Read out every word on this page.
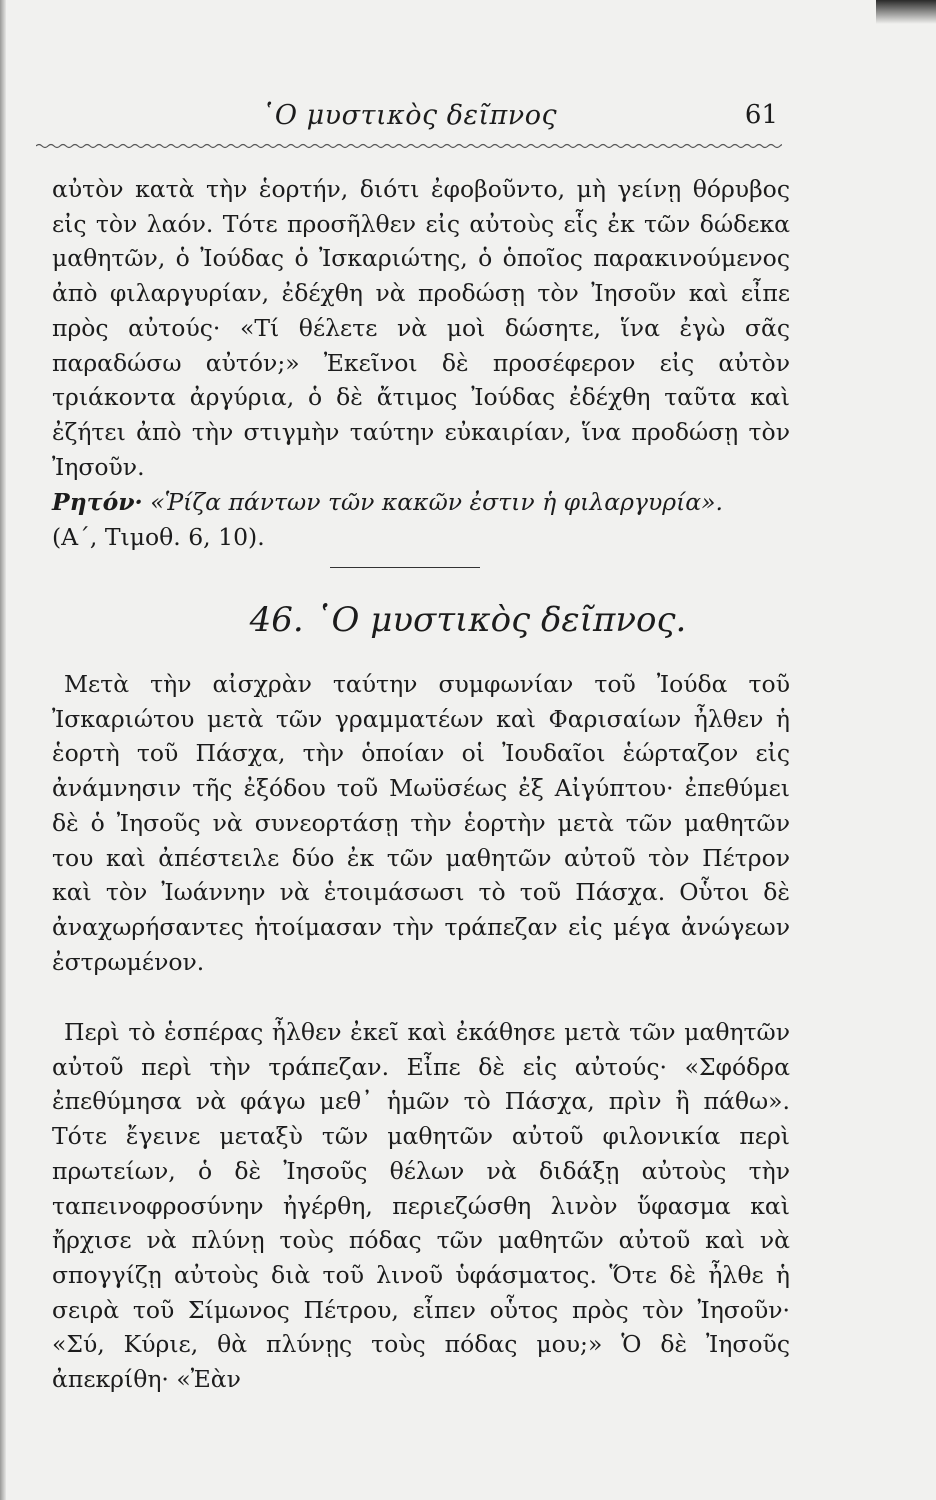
῾Ο μυστικὸς δεῖπνος	61

αὐτὸν κατὰ τὴν ἑορτήν, διότι ἐφοβοῦντο, μὴ γείνῃ θόρυβος εἰς τὸν λαόν. Τότε προσῆλθεν εἰς αὐτοὺς εἷς ἐκ τῶν δώδεκα μαθητῶν, ὁ Ἰούδας ὁ Ἰσκαριώτης, ὁ ὁποῖος παρακινούμενος ἀπὸ φιλαργυρίαν, ἐδέχθη νὰ προδώσῃ τὸν Ἰησοῦν καὶ εἶπε πρὸς αὐτούς· «Τί θέλετε νὰ μοὶ δώσητε, ἵνα ἐγὼ σᾶς παραδώσω αὐτόν;» Ἐκεῖνοι δὲ προσέφερον εἰς αὐτὸν τριάκοντα ἀργύρια, ὁ δὲ ἄτιμος Ἰούδας ἐδέχθη ταῦτα καὶ ἐζήτει ἀπὸ τὴν στιγμὴν ταύτην εὐκαιρίαν, ἵνα προδώσῃ τὸν Ἰησοῦν.

Ρητόν· «Ῥίζα πάντων τῶν κακῶν ἐστιν ἡ φιλαργυρία».
(Α΄, Τιμοθ. 6, 10).
46. ῾Ο μυστικὸς δεῖπνος.

Μετὰ τὴν αἰσχρὰν ταύτην συμφωνίαν τοῦ Ἰούδα τοῦ Ἰσκαριώτου μετὰ τῶν γραμματέων καὶ Φαρισαίων ἦλθεν ἡ ἑορτὴ τοῦ Πάσχα, τὴν ὁποίαν οἱ Ἰουδαῖοι ἑώρταζον εἰς ἀνάμνησιν τῆς ἐξόδου τοῦ Μωϋσέως ἐξ Αἰγύπτου· ἐπεθύμει δὲ ὁ Ἰησοῦς νὰ συνεορτάσῃ τὴν ἑορτὴν μετὰ τῶν μαθητῶν του καὶ ἀπέστειλε δύο ἐκ τῶν μαθητῶν αὐτοῦ τὸν Πέτρον καὶ τὸν Ἰωάννην νὰ ἑτοιμάσωσι τὸ τοῦ Πάσχα. Οὗτοι δὲ ἀναχωρήσαντες ἡτοίμασαν τὴν τράπεζαν εἰς μέγα ἀνώγεων ἐστρωμένον.

Περὶ τὸ ἑσπέρας ἦλθεν ἐκεῖ καὶ ἐκάθησε μετὰ τῶν μαθητῶν αὐτοῦ περὶ τὴν τράπεζαν. Εἶπε δὲ εἰς αὐτούς· «Σφόδρα ἐπεθύμησα νὰ φάγω μεθ᾿ ἡμῶν τὸ Πάσχα, πρὶν ἢ πάθω». Τότε ἔγεινε μεταξὺ τῶν μαθητῶν αὐτοῦ φιλονικία περὶ πρωτείων, ὁ δὲ Ἰησοῦς θέλων νὰ διδάξῃ αὐτοὺς τὴν ταπεινοφροσύνην ἠγέρθη, περιεζώσθη λινὸν ὕφασμα καὶ ἤρχισε νὰ πλύνῃ τοὺς πόδας τῶν μαθητῶν αὐτοῦ καὶ νὰ σπογγίζῃ αὐτοὺς διὰ τοῦ λινοῦ ὑφάσματος. Ὅτε δὲ ἦλθε ἡ σειρὰ τοῦ Σίμωνος Πέτρου, εἶπεν οὗτος πρὸς τὸν Ἰησοῦν· «Σύ, Κύριε, θὰ πλύνῃς τοὺς πόδας μου;» Ὁ δὲ Ἰησοῦς ἀπεκρίθη· «Ἐὰν
